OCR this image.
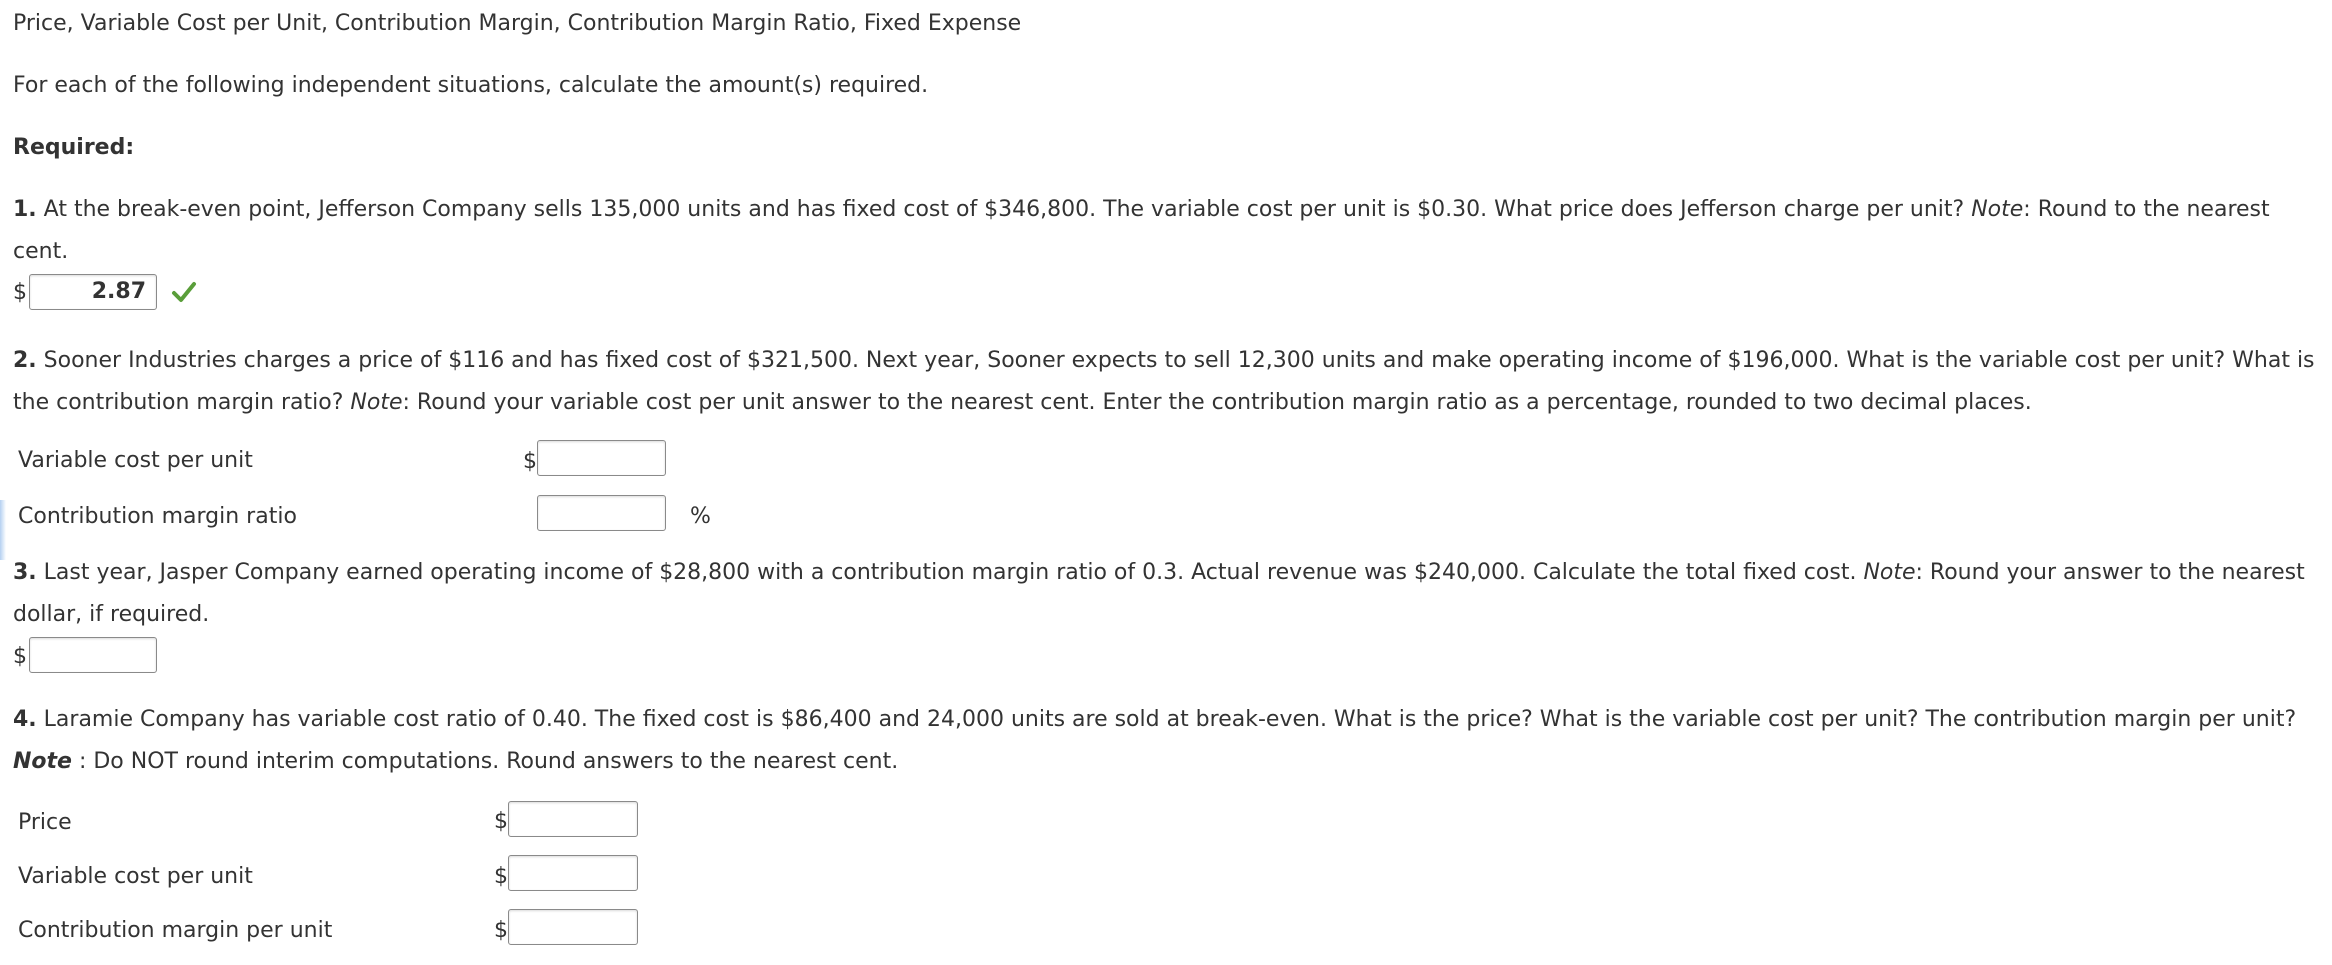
Price, Variable Cost per Unit, Contribution Margin, Contribution Margin Ratio, Fixed Expense
For each of the following independent situations, calculate the amount(s) required.
Required:
1. At the break-even point, Jefferson Company sells 135,000 units and has fixed cost of $346,800. The variable cost per unit is $0.30. What price does Jefferson charge per unit? Note: Round to the nearest cent.
$	2.87
2. Sooner Industries charges a price of $116 and has fixed cost of $321,500. Next year, Sooner expects to sell 12,300 units and make operating income of $196,000. What is the variable cost per unit? What is the contribution margin ratio? Note: Round your variable cost per unit answer to the nearest cent. Enter the contribution margin ratio as a percentage, rounded to two decimal places.
Variable cost per unit	$
Contribution margin ratio	%
3. Last year, Jasper Company earned operating income of $28,800 with a contribution margin ratio of 0.3. Actual revenue was $240,000. Calculate the total fixed cost. Note: Round your answer to the nearest dollar, if required.
$
4. Laramie Company has variable cost ratio of 0.40. The fixed cost is $86,400 and 24,000 units are sold at break-even. What is the price? What is the variable cost per unit? The contribution margin per unit?
Note : Do NOT round interim computations. Round answers to the nearest cent.
Price	$
Variable cost per unit	$
Contribution margin per unit	$
